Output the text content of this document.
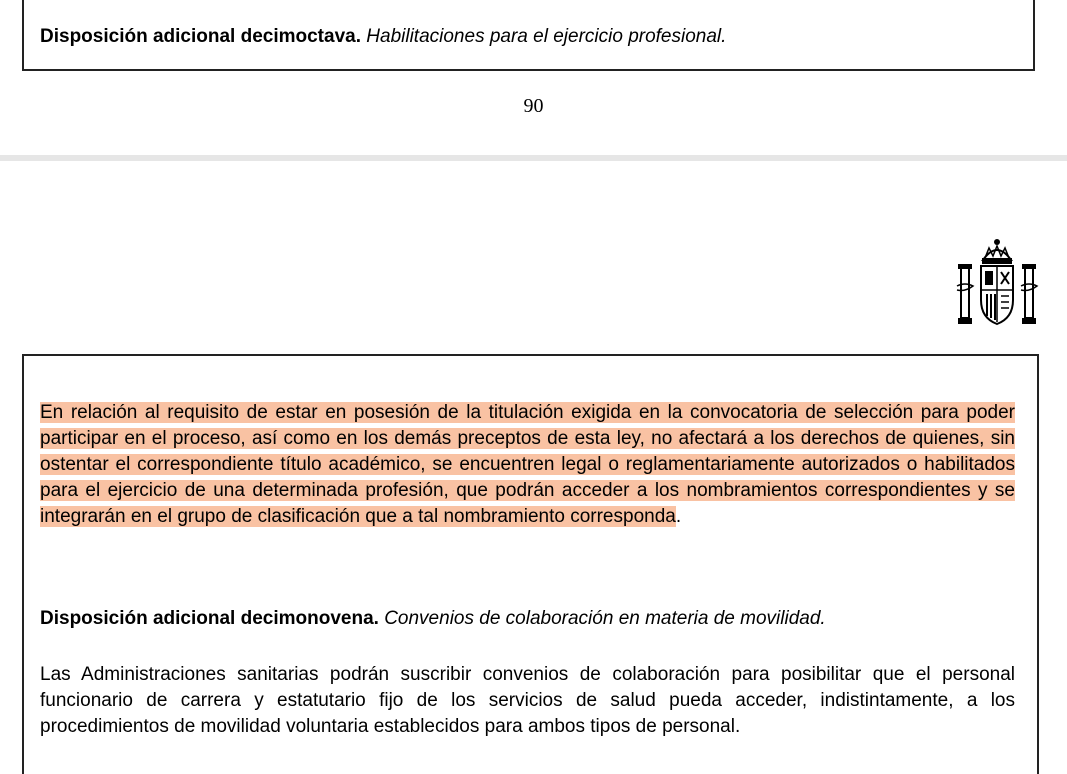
Disposición adicional decimoctava. Habilitaciones para el ejercicio profesional.
90
En relación al requisito de estar en posesión de la titulación exigida en la convocatoria de selección para poder participar en el proceso, así como en los demás preceptos de esta ley, no afectará a los derechos de quienes, sin ostentar el correspondiente título académico, se encuentren legal o reglamentariamente autorizados o habilitados para el ejercicio de una determinada profesión, que podrán acceder a los nombramientos correspondientes y se integrarán en el grupo de clasificación que a tal nombramiento corresponda.
Disposición adicional decimonovena. Convenios de colaboración en materia de movilidad.
Las Administraciones sanitarias podrán suscribir convenios de colaboración para posibilitar que el personal funcionario de carrera y estatutario fijo de los servicios de salud pueda acceder, indistintamente, a los procedimientos de movilidad voluntaria establecidos para ambos tipos de personal.
